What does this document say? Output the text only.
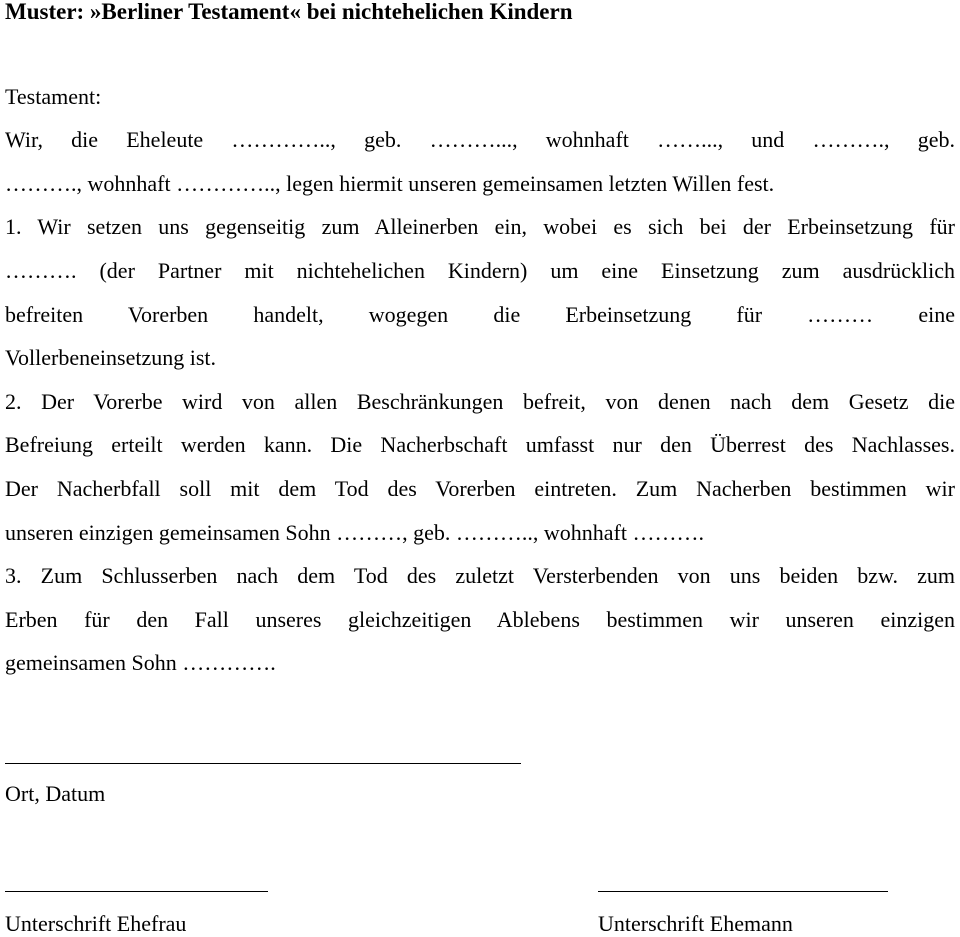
Muster: »Berliner Testament« bei nichtehelichen Kindern
Testament:
Wir, die Eheleute ………….., geb. ………..., wohnhaft ……..., und ………., geb.
………., wohnhaft ………….., legen hiermit unseren gemeinsamen letzten Willen fest.
1. Wir setzen uns gegenseitig zum Alleinerben ein, wobei es sich bei der Erbeinsetzung für
………. (der Partner mit nichtehelichen Kindern) um eine Einsetzung zum ausdrücklich
befreiten Vorerben handelt, wogegen die Erbeinsetzung für ……… eine
Vollerbeneinsetzung ist.
2. Der Vorerbe wird von allen Beschränkungen befreit, von denen nach dem Gesetz die
Befreiung erteilt werden kann. Die Nacherbschaft umfasst nur den Überrest des Nachlasses.
Der Nacherbfall soll mit dem Tod des Vorerben eintreten. Zum Nacherben bestimmen wir
unseren einzigen gemeinsamen Sohn ………, geb. ……….., wohnhaft ……….
3. Zum Schlusserben nach dem Tod des zuletzt Versterbenden von uns beiden bzw. zum
Erben für den Fall unseres gleichzeitigen Ablebens bestimmen wir unseren einzigen
gemeinsamen Sohn ………….
Ort, Datum
Unterschrift Ehefrau	Unterschrift Ehemann
